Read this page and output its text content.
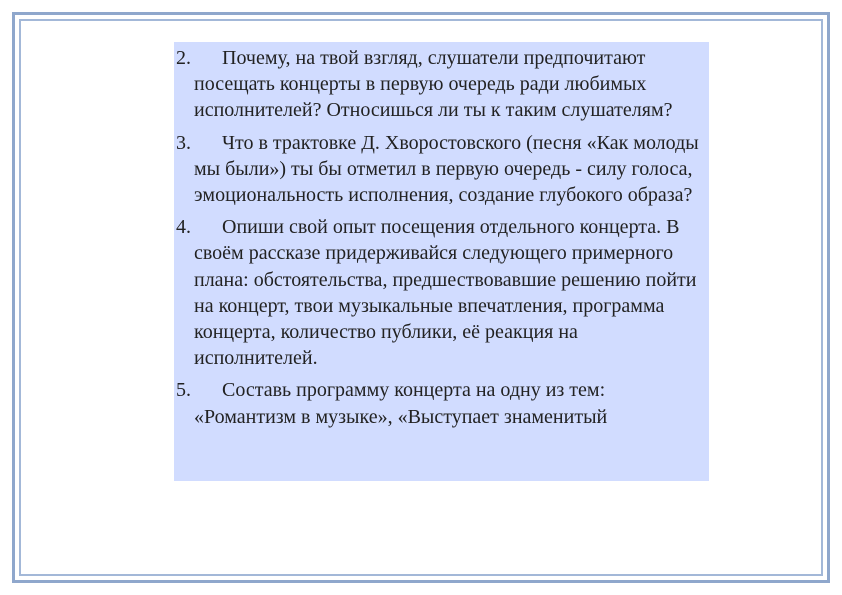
2.	Почему, на твой взгляд, слушатели предпочитают посещать концерты в первую очередь ради любимых исполнителей? Относишься ли ты к таким слушателям?
3.	Что в трактовке Д. Хворостовского (песня «Как молоды мы были») ты бы отметил в первую очередь - силу голоса, эмоциональность исполнения, создание глубокого образа?
4.	Опиши свой опыт посещения отдельного концерта. В своём рассказе придерживайся следующего примерного плана: обстоятельства, предшествовавшие решению пойти на концерт, твои музыкальные впечатления, программа концерта, количество публики, её реакция на исполнителей.
5.	Составь программу концерта на одну из тем: «Романтизм в музыке», «Выступает знаменитый
